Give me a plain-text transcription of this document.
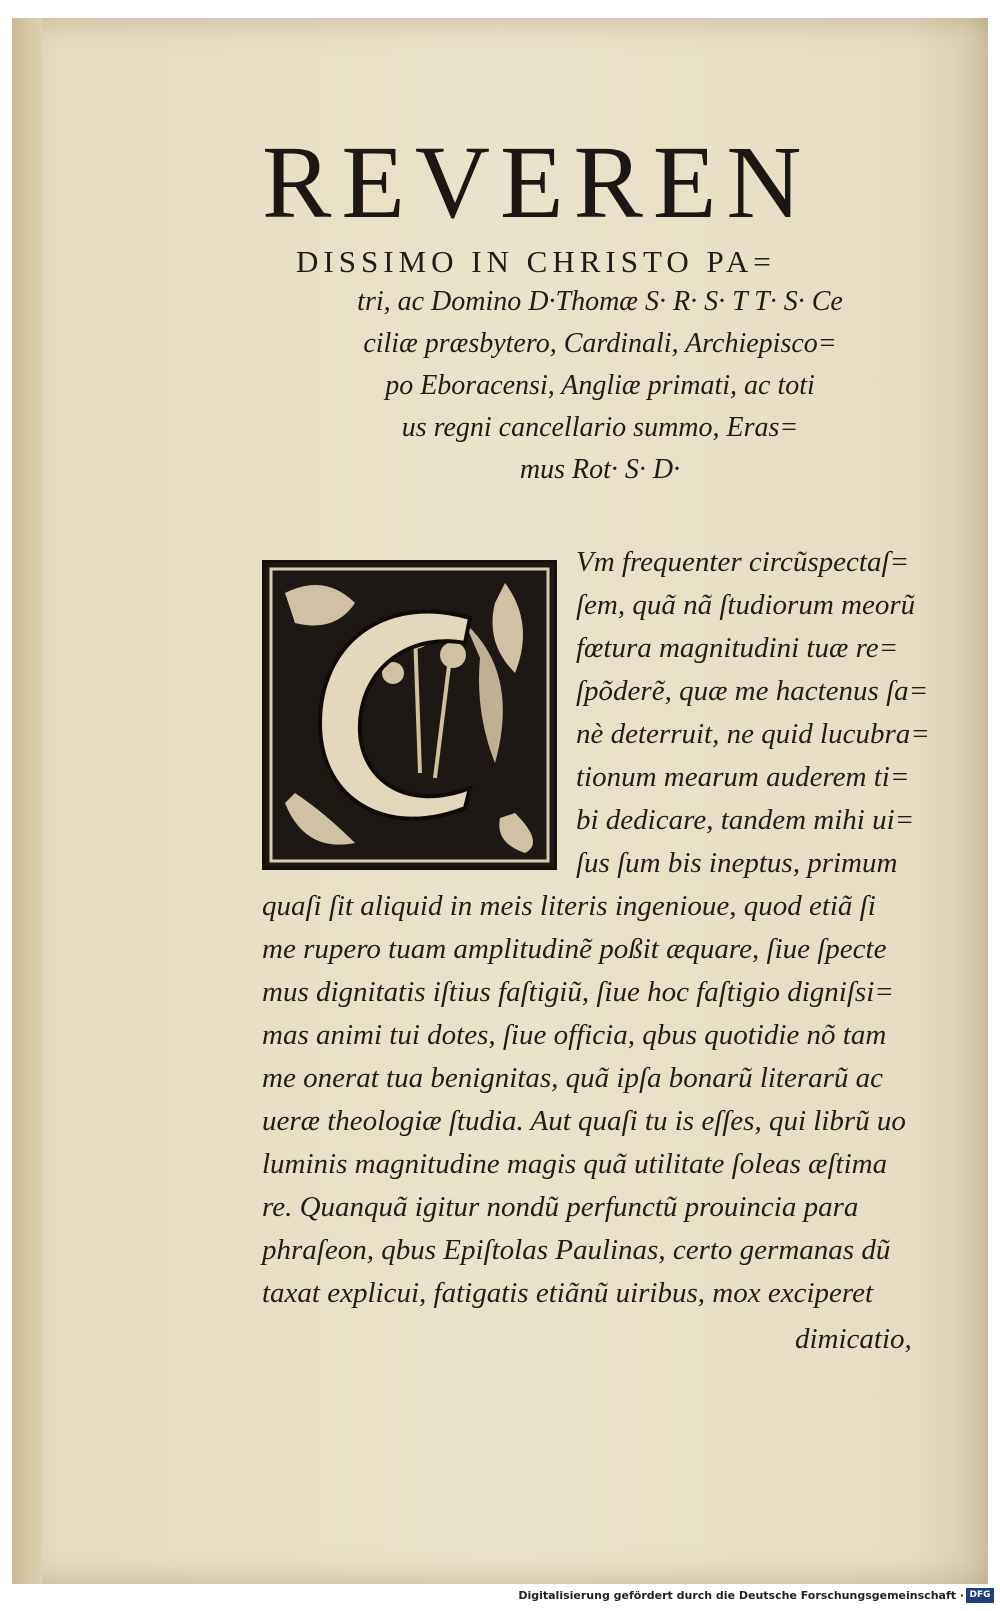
REVEREN
DISSIMO IN CHRISTO PA=
tri, ac Domino D·Thomæ S· R· S· T T· S· Ce
ciliæ præsbytero, Cardinali, Archiepisco=
po Eboracensi, Angliæ primati, ac toti
us regni cancellario summo, Eras=
mus Rot· S· D·
Vm frequenter circũspectaſ=
ſem, quã nã ſtudiorum meorũ
fœtura magnitudini tuæ re=
ſpõderẽ, quæ me hactenus ſa=
nè deterruit, ne quid lucubra=
tionum mearum auderem ti=
bi dedicare, tandem mihi ui=
ſus ſum bis ineptus, primum
quaſi ſit aliquid in meis literis ingenioue, quod etiã ſi
me rupero tuam amplitudinẽ poßit æquare, ſiue ſpecte
mus dignitatis iſtius faſtigiũ, ſiue hoc faſtigio digniſsi=
mas animi tui dotes, ſiue officia, qbus quotidie nõ tam
me onerat tua benignitas, quã ipſa bonarũ literarũ ac
ueræ theologiæ ſtudia. Aut quaſi tu is eſſes, qui librũ uo
luminis magnitudine magis quã utilitate ſoleas æſtima
re. Quanquã igitur nondũ perfunctũ prouincia para
phraſeon, qbus Epiſtolas Paulinas, certo germanas dũ
taxat explicui, fatigatis etiãnũ uiribus, mox exciperet
dimicatio,
Digitalisierung gefördert durch die Deutsche Forschungsgemeinschaft · DFG
